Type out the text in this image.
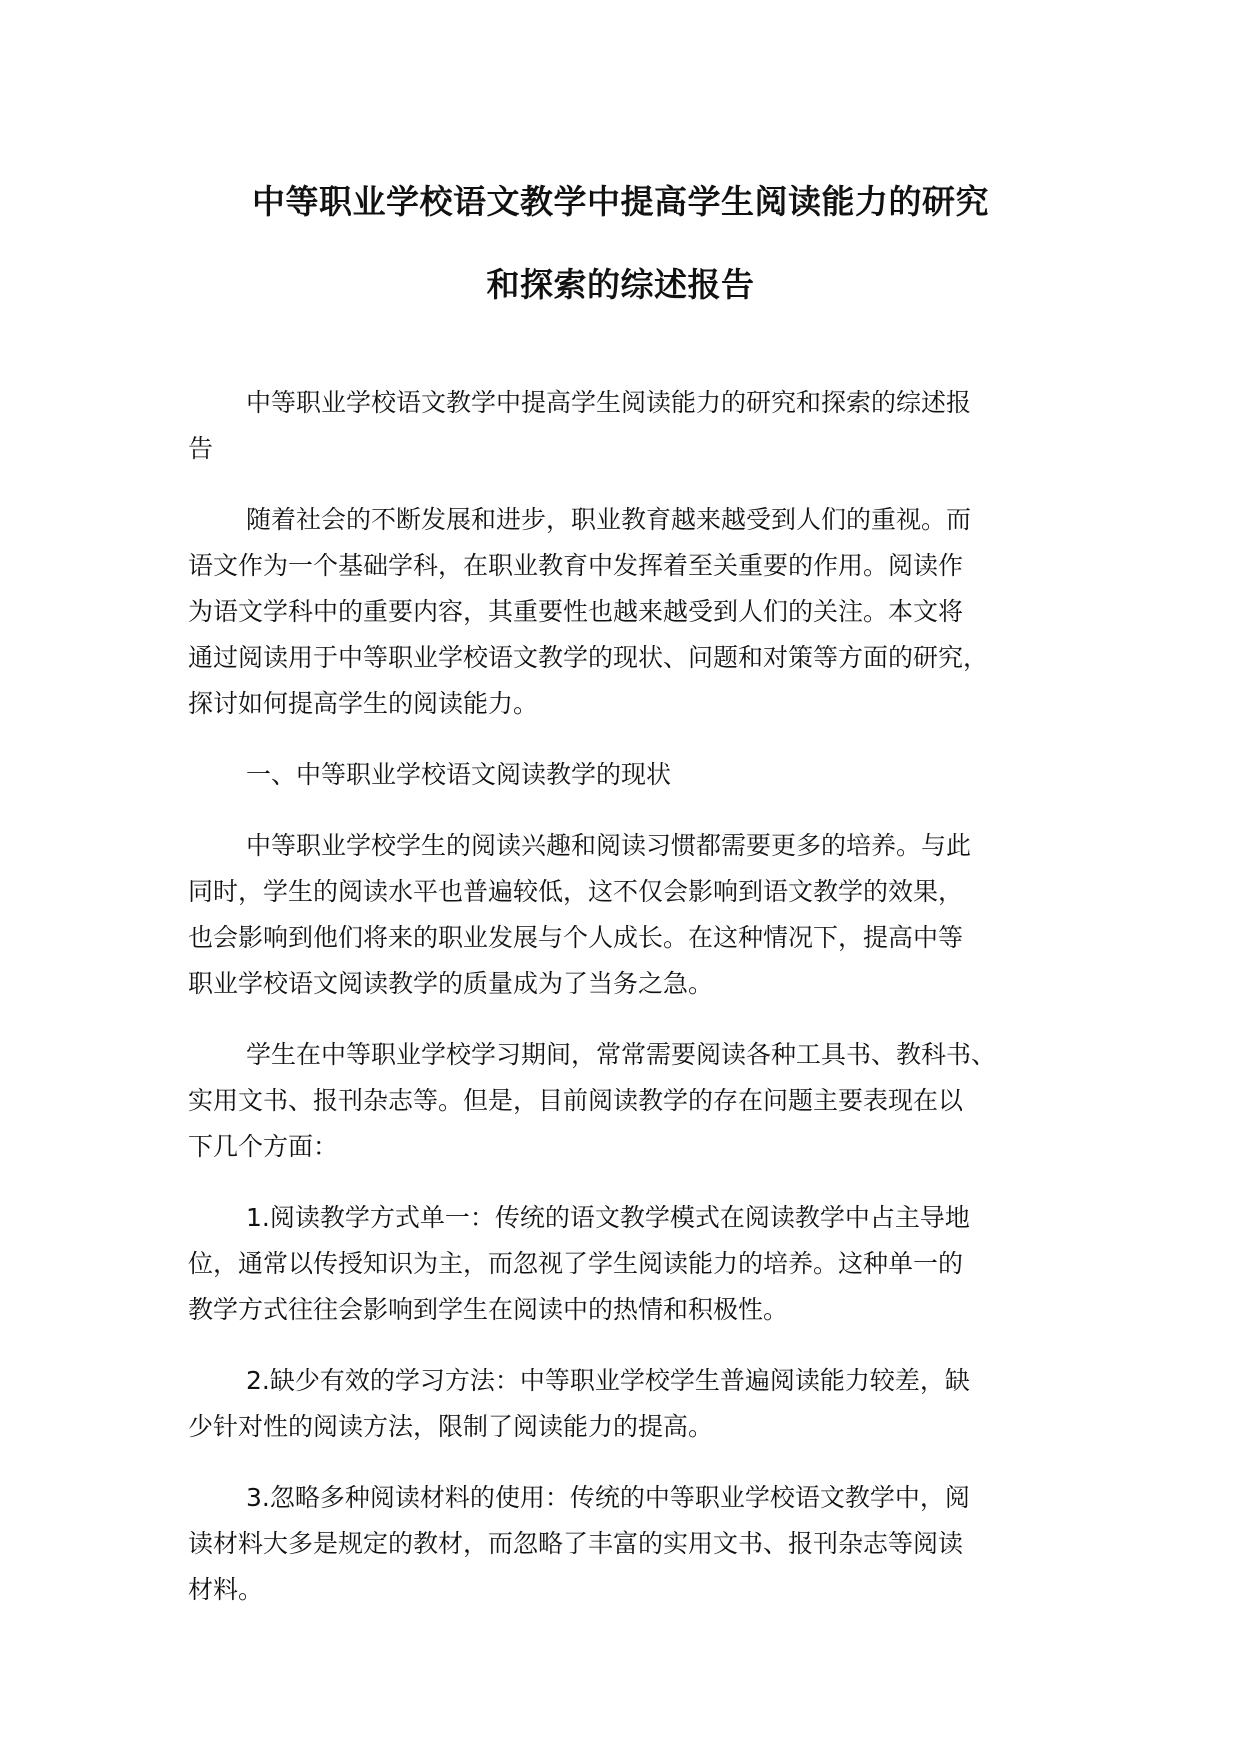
中等职业学校语文教学中提高学生阅读能力的研究
和探索的综述报告

中等职业学校语文教学中提高学生阅读能力的研究和探索的综述报
告

随着社会的不断发展和进步，职业教育越来越受到人们的重视。而
语文作为一个基础学科，在职业教育中发挥着至关重要的作用。阅读作
为语文学科中的重要内容，其重要性也越来越受到人们的关注。本文将
通过阅读用于中等职业学校语文教学的现状、问题和对策等方面的研究，
探讨如何提高学生的阅读能力。

一、中等职业学校语文阅读教学的现状

中等职业学校学生的阅读兴趣和阅读习惯都需要更多的培养。与此
同时，学生的阅读水平也普遍较低，这不仅会影响到语文教学的效果，
也会影响到他们将来的职业发展与个人成长。在这种情况下，提高中等
职业学校语文阅读教学的质量成为了当务之急。

学生在中等职业学校学习期间，常常需要阅读各种工具书、教科书、
实用文书、报刊杂志等。但是，目前阅读教学的存在问题主要表现在以
下几个方面：

1.阅读教学方式单一：传统的语文教学模式在阅读教学中占主导地
位，通常以传授知识为主，而忽视了学生阅读能力的培养。这种单一的
教学方式往往会影响到学生在阅读中的热情和积极性。

2.缺少有效的学习方法：中等职业学校学生普遍阅读能力较差，缺
少针对性的阅读方法，限制了阅读能力的提高。

3.忽略多种阅读材料的使用：传统的中等职业学校语文教学中，阅
读材料大多是规定的教材，而忽略了丰富的实用文书、报刊杂志等阅读
材料。
